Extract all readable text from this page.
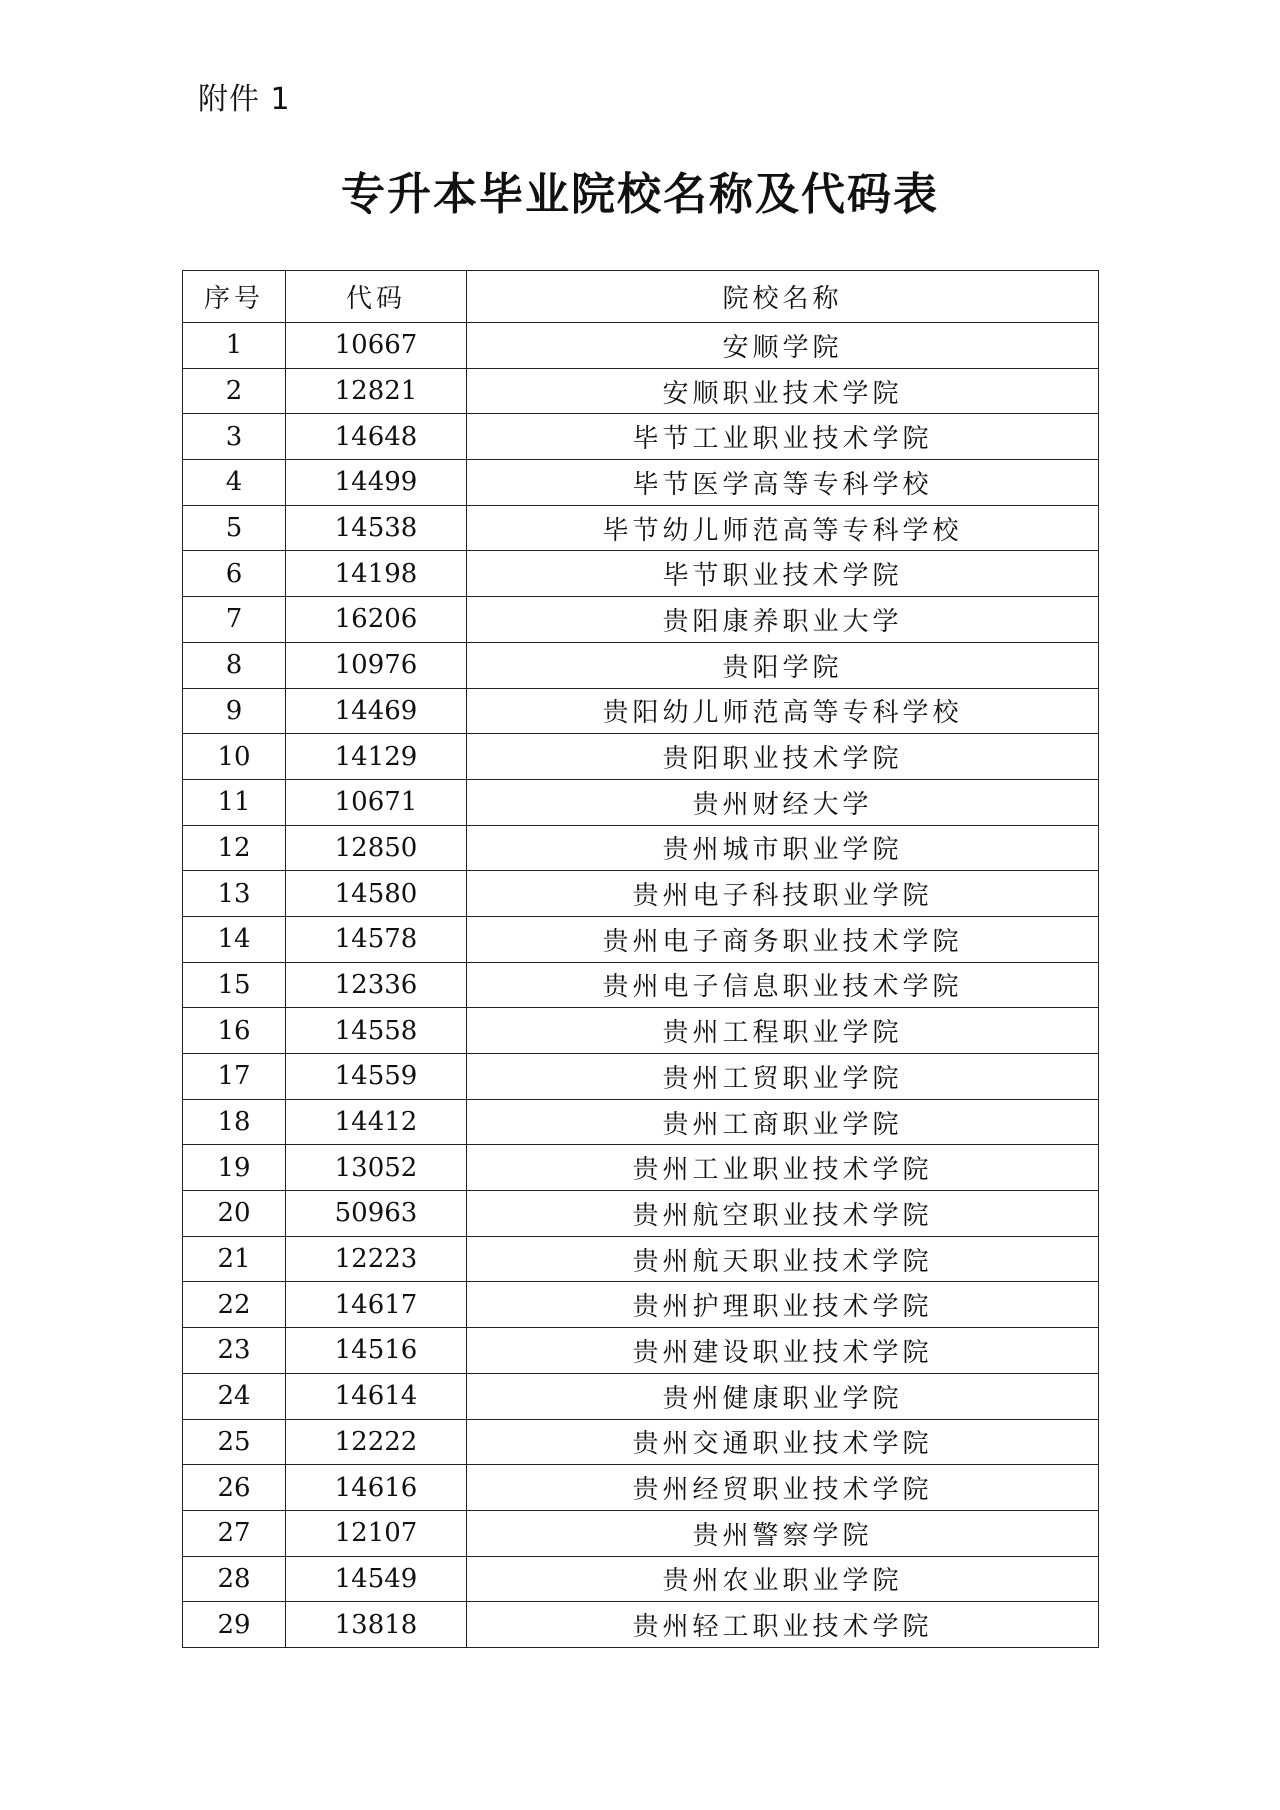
附件 1
专升本毕业院校名称及代码表
序号	代码	院校名称
1	10667	安顺学院
2	12821	安顺职业技术学院
3	14648	毕节工业职业技术学院
4	14499	毕节医学高等专科学校
5	14538	毕节幼儿师范高等专科学校
6	14198	毕节职业技术学院
7	16206	贵阳康养职业大学
8	10976	贵阳学院
9	14469	贵阳幼儿师范高等专科学校
10	14129	贵阳职业技术学院
11	10671	贵州财经大学
12	12850	贵州城市职业学院
13	14580	贵州电子科技职业学院
14	14578	贵州电子商务职业技术学院
15	12336	贵州电子信息职业技术学院
16	14558	贵州工程职业学院
17	14559	贵州工贸职业学院
18	14412	贵州工商职业学院
19	13052	贵州工业职业技术学院
20	50963	贵州航空职业技术学院
21	12223	贵州航天职业技术学院
22	14617	贵州护理职业技术学院
23	14516	贵州建设职业技术学院
24	14614	贵州健康职业学院
25	12222	贵州交通职业技术学院
26	14616	贵州经贸职业技术学院
27	12107	贵州警察学院
28	14549	贵州农业职业学院
29	13818	贵州轻工职业技术学院
